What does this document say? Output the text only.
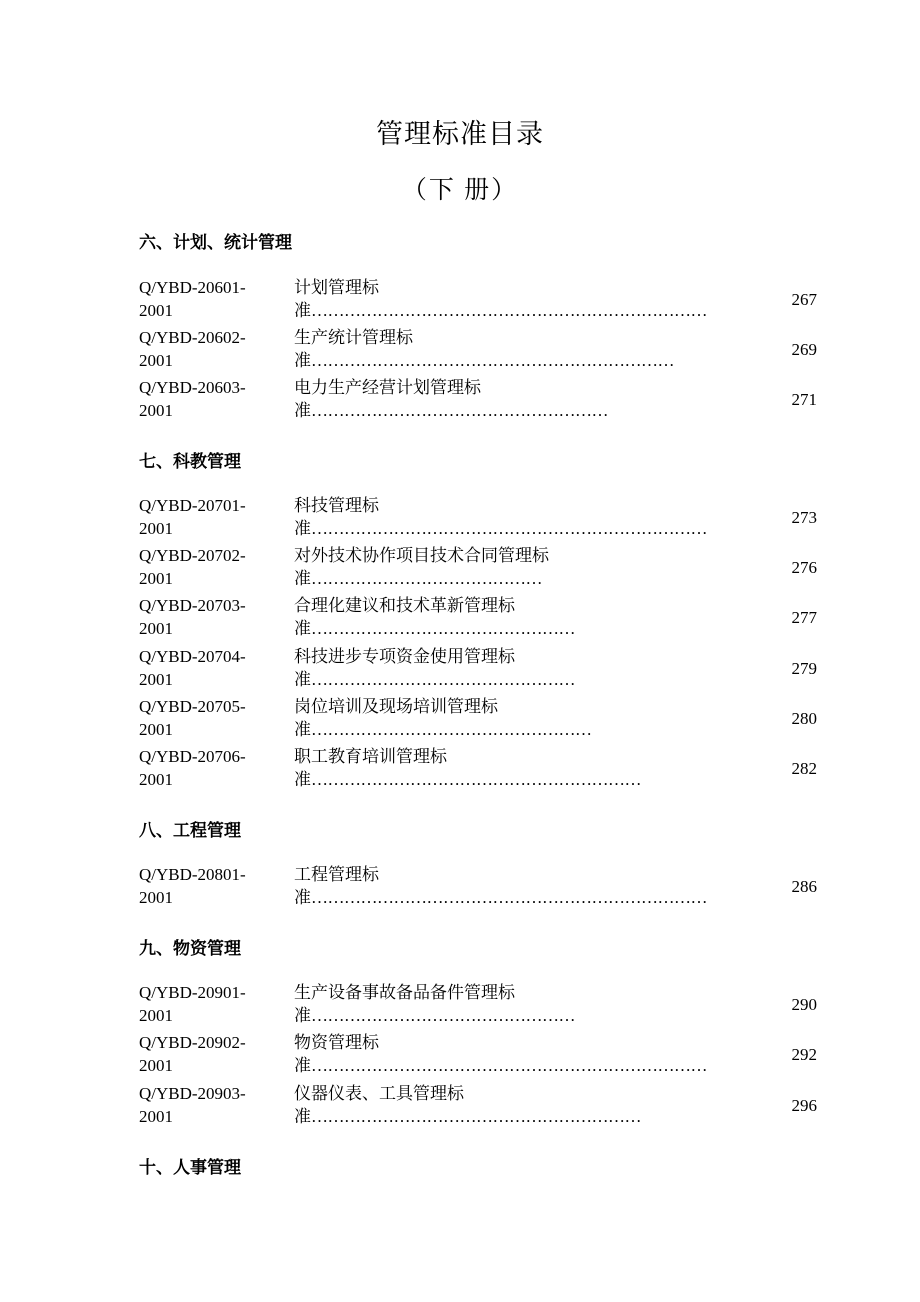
管理标准目录
（下 册）
六、计划、统计管理
Q/YBD-20601-
2001
计划管理标
准………………………………………………………………
267
Q/YBD-20602-
2001
生产统计管理标
准…………………………………………………………
269
Q/YBD-20603-
2001
电力生产经营计划管理标
准………………………………………………
271
七、科教管理
Q/YBD-20701-
2001
科技管理标
准………………………………………………………………
273
Q/YBD-20702-
2001
对外技术协作项目技术合同管理标
准……………………………………
276
Q/YBD-20703-
2001
合理化建议和技术革新管理标
准…………………………………………
277
Q/YBD-20704-
2001
科技进步专项资金使用管理标
准…………………………………………
279
Q/YBD-20705-
2001
岗位培训及现场培训管理标
准……………………………………………
280
Q/YBD-20706-
2001
职工教育培训管理标
准……………………………………………………
282
八、工程管理
Q/YBD-20801-
2001
工程管理标
准………………………………………………………………
286
九、物资管理
Q/YBD-20901-
2001
生产设备事故备品备件管理标
准…………………………………………
290
Q/YBD-20902-
2001
物资管理标
准………………………………………………………………
292
Q/YBD-20903-
2001
仪器仪表、工具管理标
准……………………………………………………
296
十、人事管理
